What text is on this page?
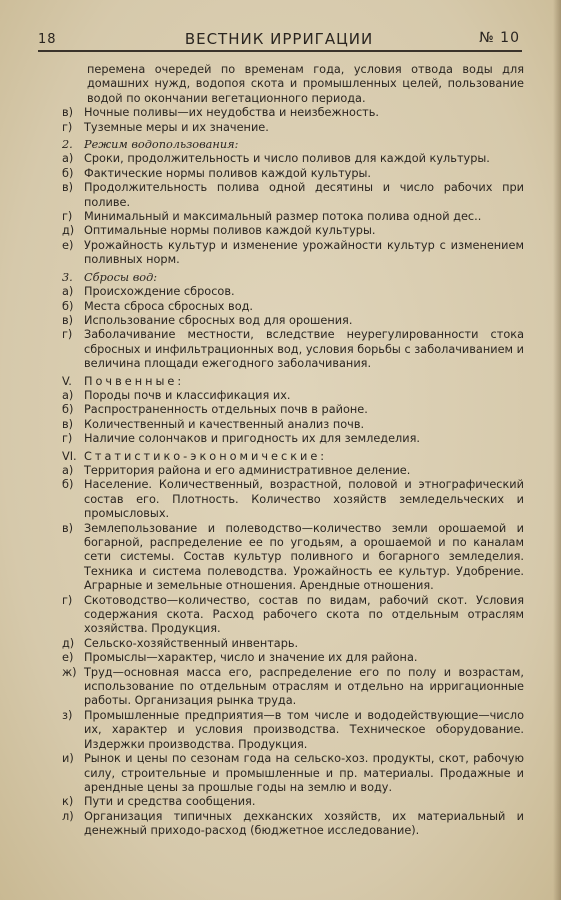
18	ВЕСТНИК ИРРИГАЦИИ	№ 10
перемена очередей по временам года, условия отвода воды для домашних нужд, водопоя скота и промышленных целей, пользование водой по окончании вегетационного периода.
в) Ночные поливы—их неудобства и неизбежность.
г) Туземные меры и их значение.
2. Режим водопользования:
а) Сроки, продолжительность и число поливов для каждой культуры.
б) Фактические нормы поливов каждой культуры.
в) Продолжительность полива одной десятины и число рабочих при поливе.
г) Минимальный и максимальный размер потока полива одной дес..
д) Оптимальные нормы поливов каждой культуры.
е) Урожайность культур и изменение урожайности культур с изменением поливных норм.
3. Сбросы вод:
а) Происхождение сбросов.
б) Места сброса сбросных вод.
в) Использование сбросных вод для орошения.
г) Заболачивание местности, вследствие неурегулированности стока сбросных и инфильтрационных вод, условия борьбы с заболачиванием и величина площади ежегодного заболачивания.
V. Почвенные:
а) Породы почв и классификация их.
б) Распространенность отдельных почв в районе.
в) Количественный и качественный анализ почв.
г) Наличие солончаков и пригодность их для земледелия.
VI. Статистико-экономические:
а) Территория района и его административное деление.
б) Население. Количественный, возрастной, половой и этнографический состав его. Плотность. Количество хозяйств земледельческих и промысловых.
в) Землепользование и полеводство—количество земли орошаемой и богарной, распределение ее по угодьям, а орошаемой и по каналам сети системы. Состав культур поливного и богарного земледелия. Техника и система полеводства. Урожайность ее культур. Удобрение. Аграрные и земельные отношения. Арендные отношения.
г) Скотоводство—количество, состав по видам, рабочий скот. Условия содержания скота. Расход рабочего скота по отдельным отраслям хозяйства. Продукция.
д) Сельско-хозяйственный инвентарь.
е) Промыслы—характер, число и значение их для района.
ж) Труд—основная масса его, распределение его по полу и возрастам, использование по отдельным отраслям и отдельно на ирригационные работы. Организация рынка труда.
з) Промышленные предприятия—в том числе и вододействующие—число их, характер и условия производства. Техническое оборудование. Издержки производства. Продукция.
и) Рынок и цены по сезонам года на сельско-хоз. продукты, скот, рабочую силу, строительные и промышленные и пр. материалы. Продажные и арендные цены за прошлые годы на землю и воду.
к) Пути и средства сообщения.
л) Организация типичных дехканских хозяйств, их материальный и денежный приходо-расход (бюджетное исследование).
